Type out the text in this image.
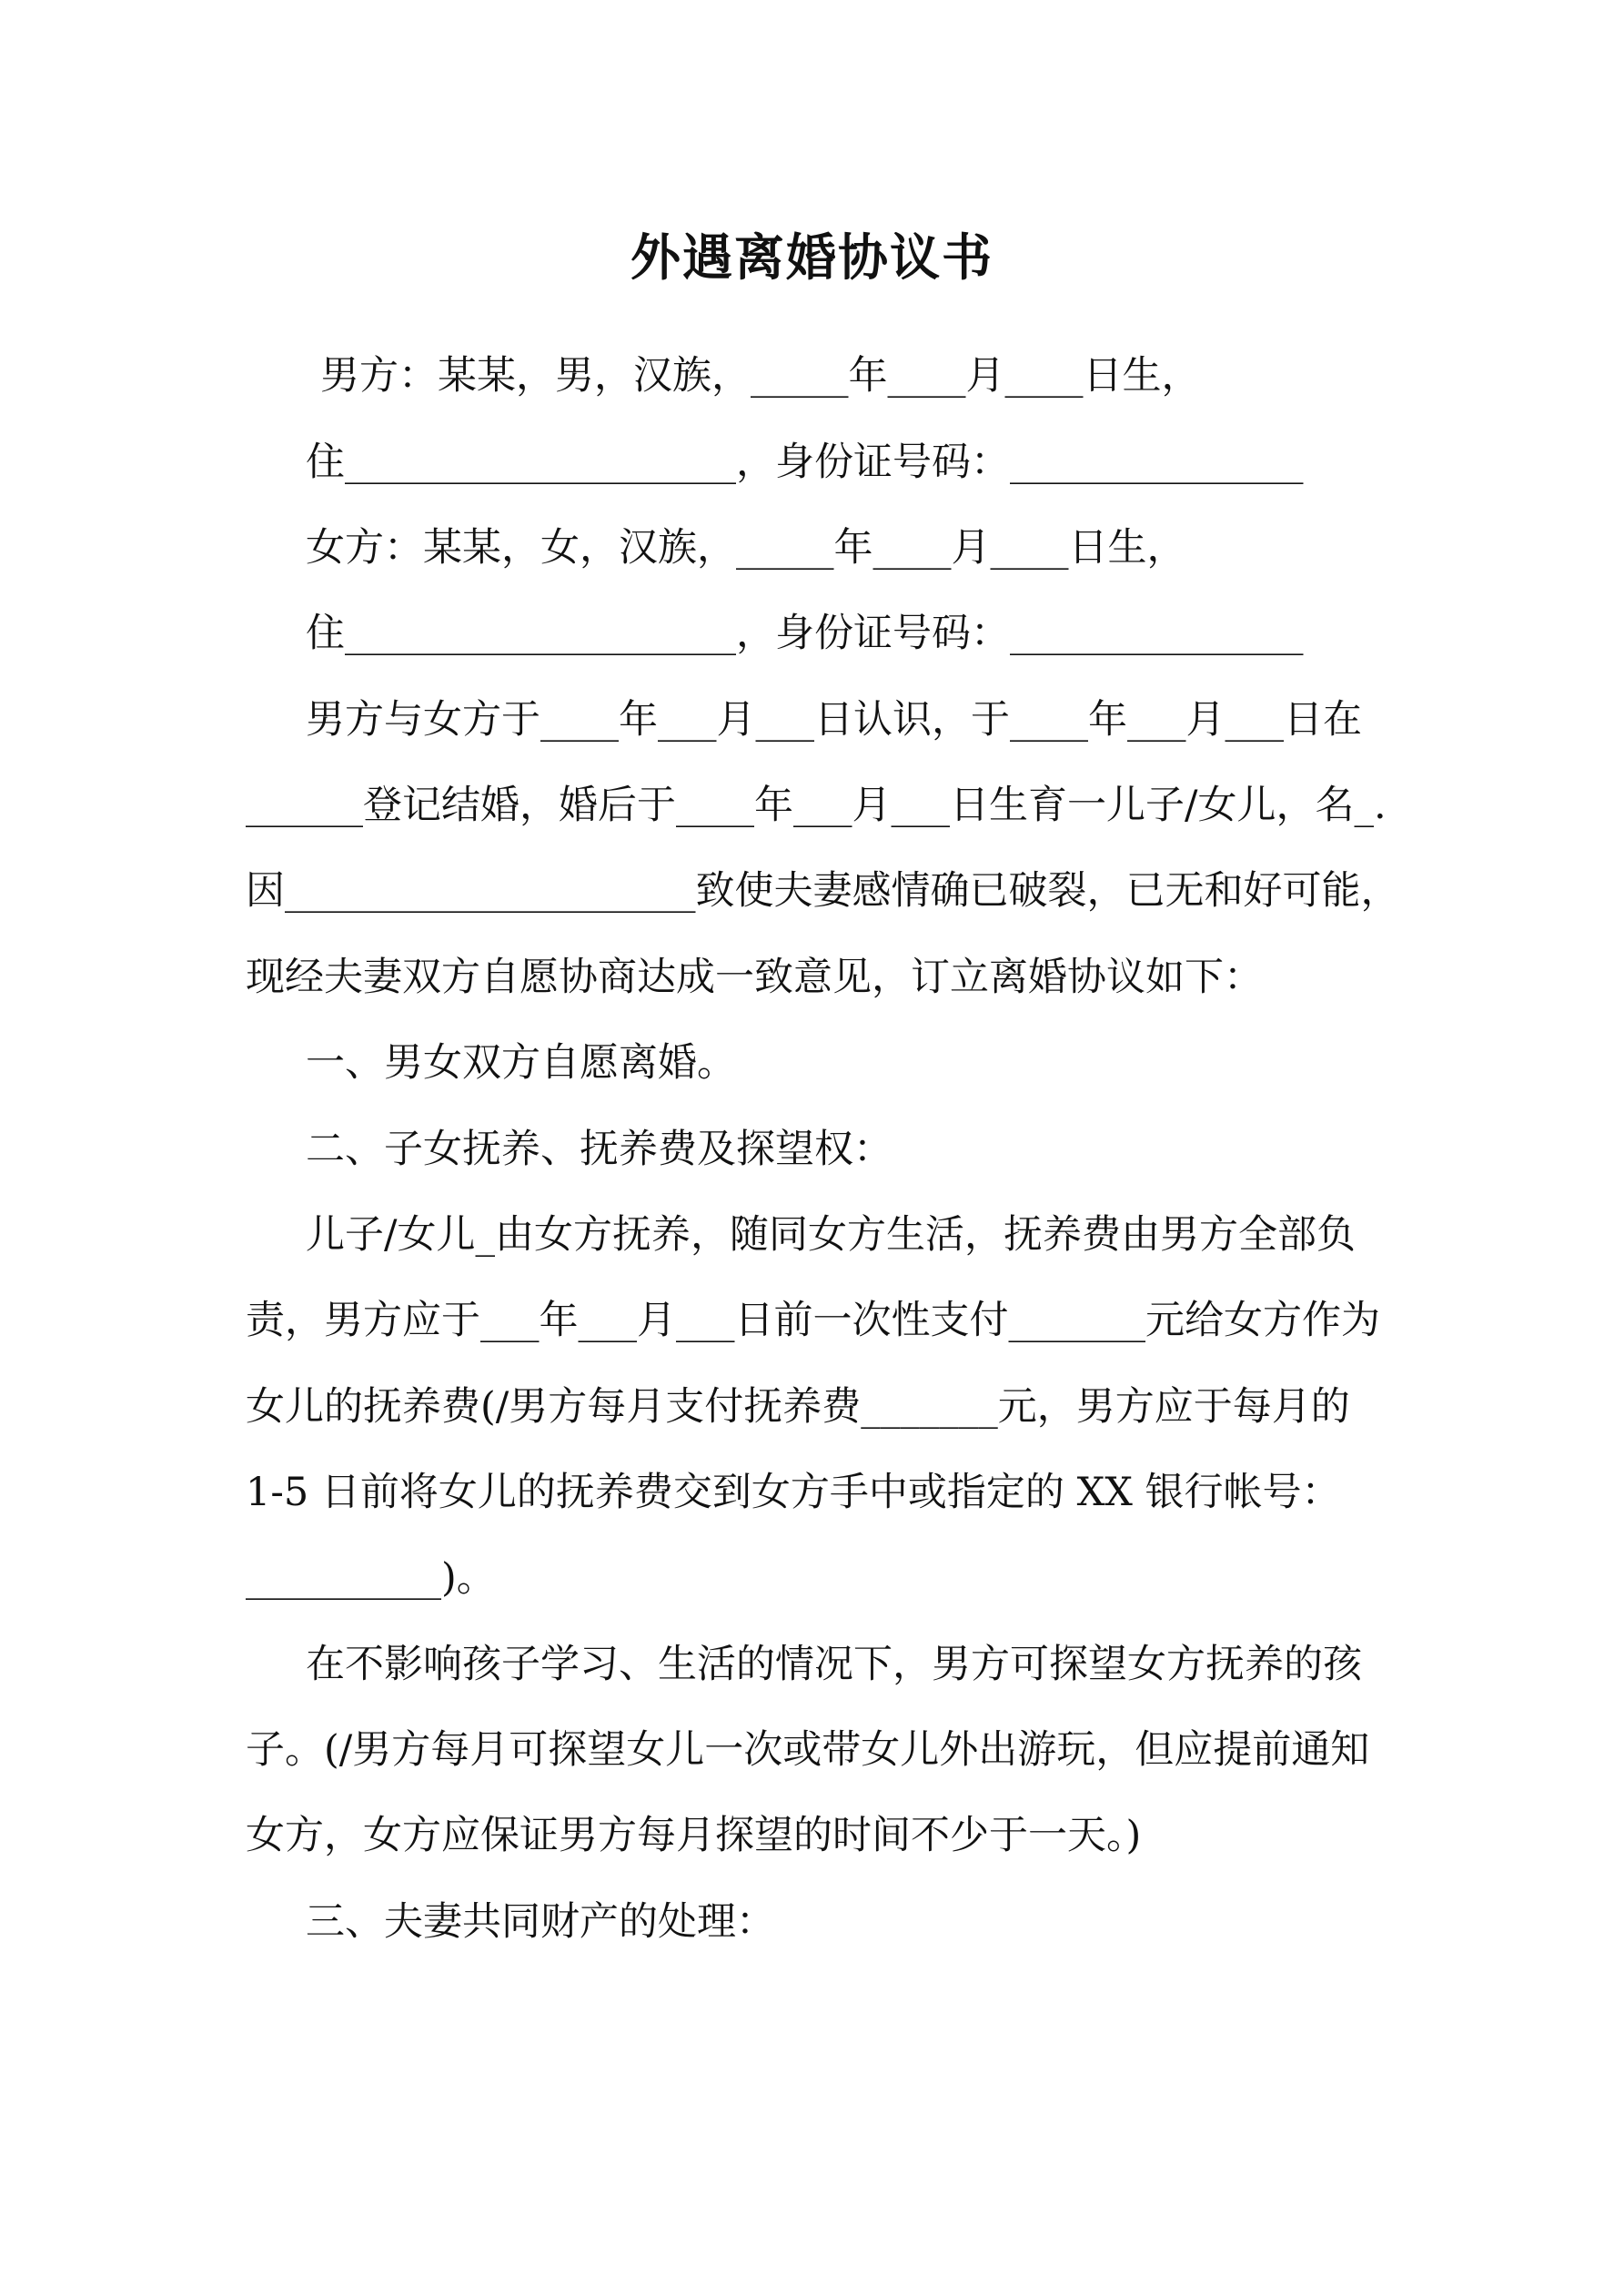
外遇离婚协议书
男方：某某，男，汉族，_____年____月____日生，
住____________________，身份证号码：_______________
女方：某某，女，汉族，_____年____月____日生，
住____________________，身份证号码：_______________
男方与女方于____年___月___日认识，于____年___月___日在
______登记结婚，婚后于____年___月___日生育一儿子/女儿，名_.
因_____________________致使夫妻感情确已破裂，已无和好可能，
现经夫妻双方自愿协商达成一致意见，订立离婚协议如下：
一、男女双方自愿离婚。
二、子女抚养、抚养费及探望权：
儿子/女儿_由女方抚养，随同女方生活，抚养费由男方全部负
责，男方应于___年___月___日前一次性支付_______元给女方作为
女儿的抚养费(/男方每月支付抚养费_______元，男方应于每月的
1-5 日前将女儿的抚养费交到女方手中或指定的 XX 银行帐号：
__________)。
在不影响孩子学习、生活的情况下，男方可探望女方抚养的孩
子。(/男方每月可探望女儿一次或带女儿外出游玩，但应提前通知
女方，女方应保证男方每月探望的时间不少于一天。)
三、夫妻共同财产的处理：
